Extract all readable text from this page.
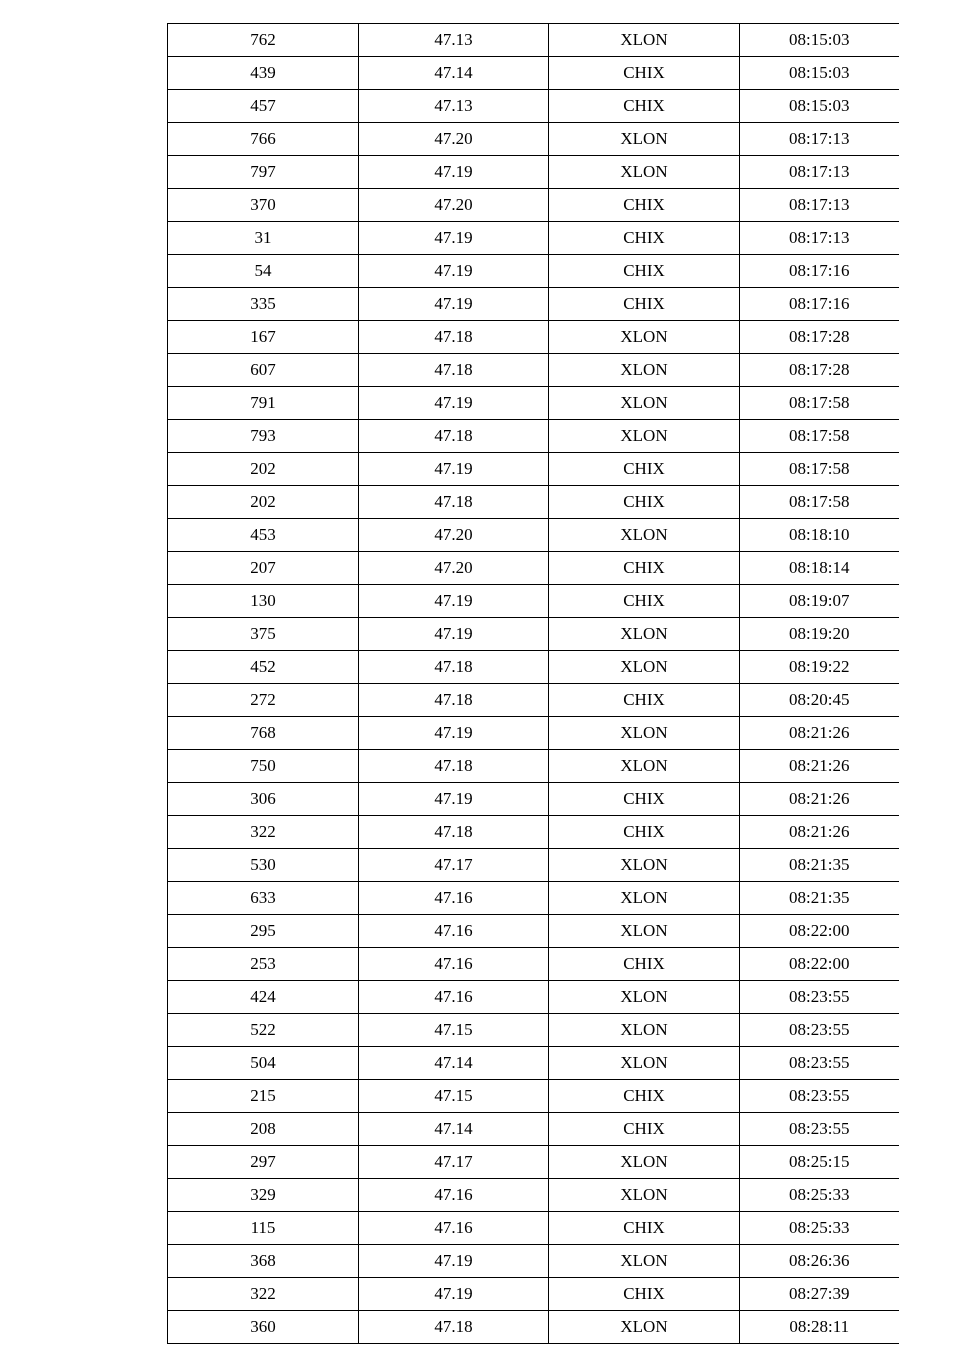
762	47.13	XLON	08:15:03
439	47.14	CHIX	08:15:03
457	47.13	CHIX	08:15:03
766	47.20	XLON	08:17:13
797	47.19	XLON	08:17:13
370	47.20	CHIX	08:17:13
31	47.19	CHIX	08:17:13
54	47.19	CHIX	08:17:16
335	47.19	CHIX	08:17:16
167	47.18	XLON	08:17:28
607	47.18	XLON	08:17:28
791	47.19	XLON	08:17:58
793	47.18	XLON	08:17:58
202	47.19	CHIX	08:17:58
202	47.18	CHIX	08:17:58
453	47.20	XLON	08:18:10
207	47.20	CHIX	08:18:14
130	47.19	CHIX	08:19:07
375	47.19	XLON	08:19:20
452	47.18	XLON	08:19:22
272	47.18	CHIX	08:20:45
768	47.19	XLON	08:21:26
750	47.18	XLON	08:21:26
306	47.19	CHIX	08:21:26
322	47.18	CHIX	08:21:26
530	47.17	XLON	08:21:35
633	47.16	XLON	08:21:35
295	47.16	XLON	08:22:00
253	47.16	CHIX	08:22:00
424	47.16	XLON	08:23:55
522	47.15	XLON	08:23:55
504	47.14	XLON	08:23:55
215	47.15	CHIX	08:23:55
208	47.14	CHIX	08:23:55
297	47.17	XLON	08:25:15
329	47.16	XLON	08:25:33
115	47.16	CHIX	08:25:33
368	47.19	XLON	08:26:36
322	47.19	CHIX	08:27:39
360	47.18	XLON	08:28:11
